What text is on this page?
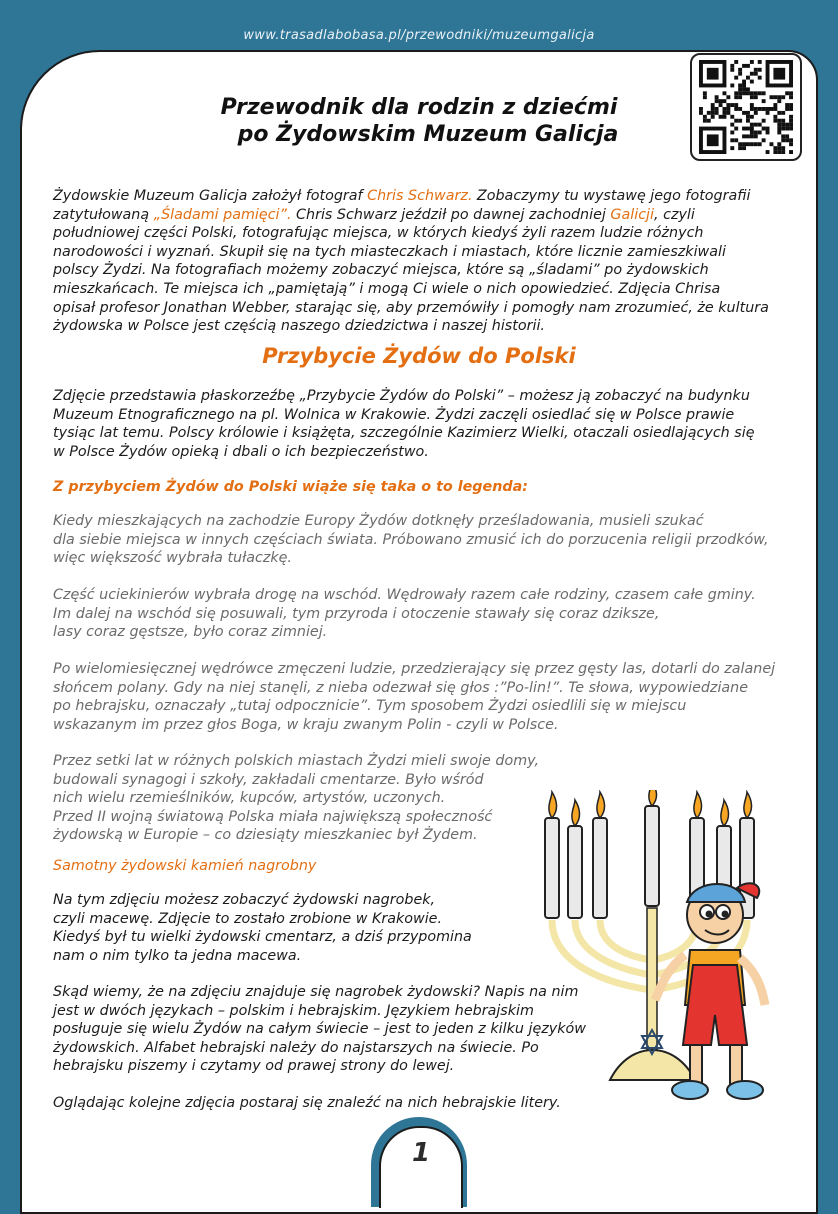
www.trasadlabobasa.pl/przewodniki/muzeumgalicja
Przewodnik dla rodzin z dziećmi
po Żydowskim Muzeum Galicja
Żydowskie Muzeum Galicja założył fotograf Chris Schwarz. Zobaczymy tu wystawę jego fotografii
zatytułowaną „Śladami pamięci”. Chris Schwarz jeździł po dawnej zachodniej Galicji, czyli
południowej części Polski, fotografując miejsca, w których kiedyś żyli razem ludzie różnych
narodowości i wyznań. Skupił się na tych miasteczkach i miastach, które licznie zamieszkiwali
polscy Żydzi. Na fotografiach możemy zobaczyć miejsca, które są „śladami” po żydowskich
mieszkańcach. Te miejsca ich „pamiętają” i mogą Ci wiele o nich opowiedzieć. Zdjęcia Chrisa
opisał profesor Jonathan Webber, starając się, aby przemówiły i pomogły nam zrozumieć, że kultura
żydowska w Polsce jest częścią naszego dziedzictwa i naszej historii.
Przybycie Żydów do Polski
Zdjęcie przedstawia płaskorzeźbę „Przybycie Żydów do Polski” – możesz ją zobaczyć na budynku
Muzeum Etnograficznego na pl. Wolnica w Krakowie. Żydzi zaczęli osiedlać się w Polsce prawie
tysiąc lat temu. Polscy królowie i książęta, szczególnie Kazimierz Wielki, otaczali osiedlających się
w Polsce Żydów opieką i dbali o ich bezpieczeństwo.
Z przybyciem Żydów do Polski wiąże się taka o to legenda:
Kiedy mieszkających na zachodzie Europy Żydów dotknęły prześladowania, musieli szukać
dla siebie miejsca w innych częściach świata. Próbowano zmusić ich do porzucenia religii przodków,
więc większość wybrała tułaczkę.
Część uciekinierów wybrała drogę na wschód. Wędrowały razem całe rodziny, czasem całe gminy.
Im dalej na wschód się posuwali, tym przyroda i otoczenie stawały się coraz dziksze,
lasy coraz gęstsze, było coraz zimniej.
Po wielomiesięcznej wędrówce zmęczeni ludzie, przedzierający się przez gęsty las, dotarli do zalanej
słońcem polany. Gdy na niej stanęli, z nieba odezwał się głos :”Po-lin!”. Te słowa, wypowiedziane
po hebrajsku, oznaczały „tutaj odpocznicie”. Tym sposobem Żydzi osiedlili się w miejscu
wskazanym im przez głos Boga, w kraju zwanym Polin - czyli w Polsce.
Przez setki lat w różnych polskich miastach Żydzi mieli swoje domy,
budowali synagogi i szkoły, zakładali cmentarze. Było wśród
nich wielu rzemieślników, kupców, artystów, uczonych.
Przed II wojną światową Polska miała największą społeczność
żydowską w Europie – co dziesiąty mieszkaniec był Żydem.
Samotny żydowski kamień nagrobny
Na tym zdjęciu możesz zobaczyć żydowski nagrobek,
czyli macewę. Zdjęcie to zostało zrobione w Krakowie.
Kiedyś był tu wielki żydowski cmentarz, a dziś przypomina
nam o nim tylko ta jedna macewa.
Skąd wiemy, że na zdjęciu znajduje się nagrobek żydowski? Napis na nim
jest w dwóch językach – polskim i hebrajskim. Językiem hebrajskim
posługuje się wielu Żydów na całym świecie – jest to jeden z kilku języków
żydowskich. Alfabet hebrajski należy do najstarszych na świecie. Po
hebrajsku piszemy i czytamy od prawej strony do lewej.
Oglądając kolejne zdjęcia postaraj się znaleźć na nich hebrajskie litery.
1
